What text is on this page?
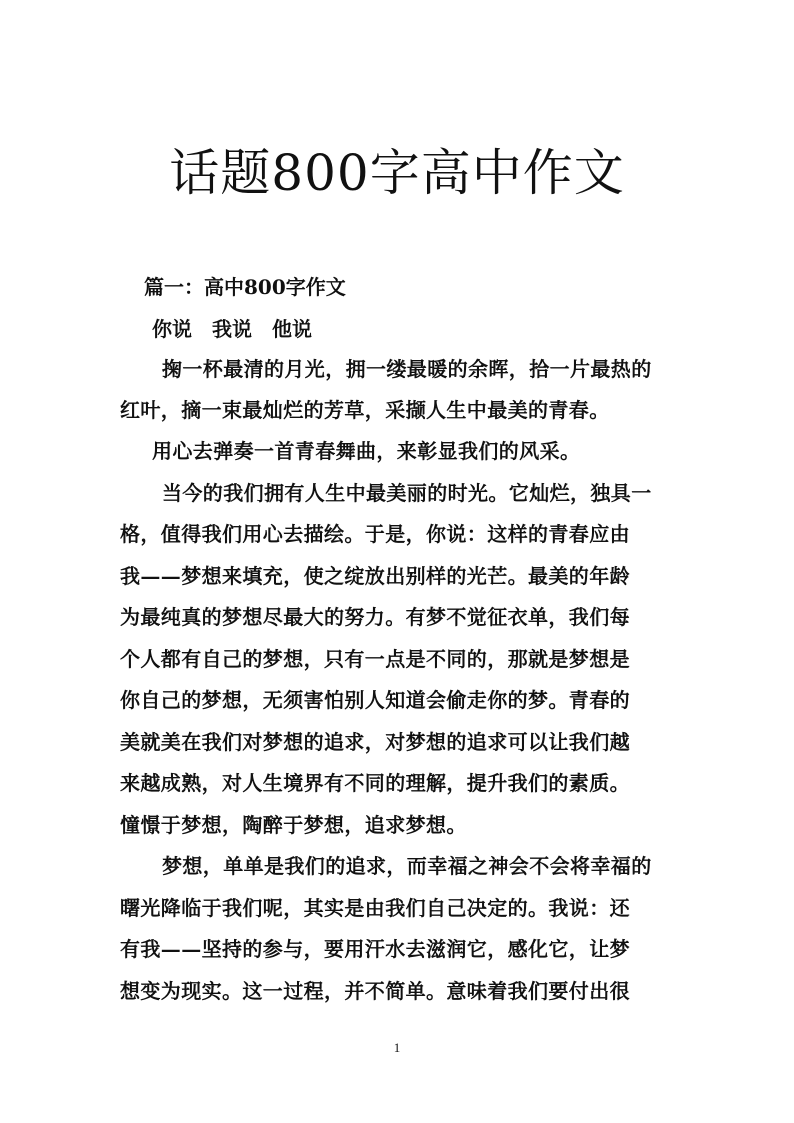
话题800字高中作文
篇一：高中800字作文
你说　我说　他说
掬一杯最清的月光，拥一缕最暖的余晖，拾一片最热的
红叶，摘一束最灿烂的芳草，采撷人生中最美的青春。
用心去弹奏一首青春舞曲，来彰显我们的风采。
当今的我们拥有人生中最美丽的时光。它灿烂，独具一
格，值得我们用心去描绘。于是，你说：这样的青春应由
我——梦想来填充，使之绽放出别样的光芒。最美的年龄
为最纯真的梦想尽最大的努力。有梦不觉征衣单，我们每
个人都有自己的梦想，只有一点是不同的，那就是梦想是
你自己的梦想，无须害怕别人知道会偷走你的梦。青春的
美就美在我们对梦想的追求，对梦想的追求可以让我们越
来越成熟，对人生境界有不同的理解，提升我们的素质。
憧憬于梦想，陶醉于梦想，追求梦想。
梦想，单单是我们的追求，而幸福之神会不会将幸福的
曙光降临于我们呢，其实是由我们自己决定的。我说：还
有我——坚持的参与，要用汗水去滋润它，感化它，让梦
想变为现实。这一过程，并不简单。意味着我们要付出很
1
